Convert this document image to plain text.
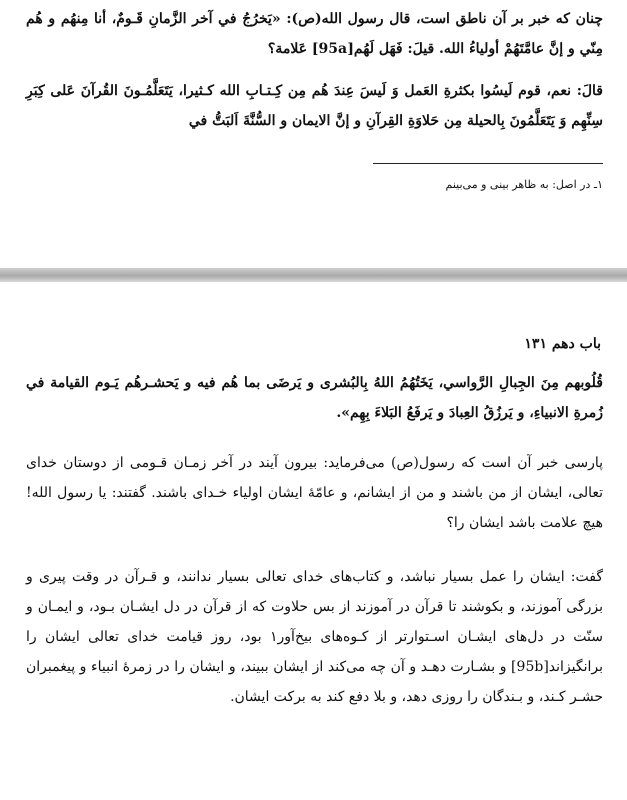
چنان که خبر بر آن ناطق است، قال رسول الله(ص): «يَخرُجُ في آخر الزَّمانِ قَـومٌ، أنا مِنهُم و هُم مِنّي و إنَّ عامَّتَهُمْ أولياءُ الله. قيلَ: فَهَل لَهُم[95a] عَلامة؟

قالَ: نعم، قوم لَيسُوا بكثرةِ العَمل وَ لَيسَ عِندَ هُم مِن كِـتـابِ الله كـثيرا، يَتَعَلَّمُـونَ القُرآنَ عَلى كِبَرِ سِنِّهِم وَ يَتَعَلَّمُونَ بِالحيلة مِن حَلاوَةِ القِرآنِ و إنَّ الايمان و السُّنَّةَ اَلبَتُّ في

۱ـ در اصل: به ظاهر بینی و می‌بینم
باب دهم ۱۳۱

قُلُوبهم مِنَ الجِبالِ الرَّواسي، يَخَتُهُمُ اللهُ بِالبُشرى و يَرضَى بما هُم فيه و يَحشـرهُم يَـوم القيامة في زُمرةِ الانبياءِ، و يَرزُقُ العِبادَ و يَرفَعُ البَلاءَ بِهِم».

پارسی خبر آن است که رسول(ص) می‌فرماید: بیرون آیند در آخر زمـان قـومی از دوستان خدای تعالی، ایشان از من باشند و من از ایشانم، و عامّهٔ ایشان اولیاء خـدای باشند. گفتند: یا رسول الله! هیچ علامت باشد ایشان را؟

گفت: ایشان را عمل بسیار نباشد، و کتاب‌های خدای تعالی بسیار ندانند، و قـرآن در وقت پیری و بزرگی آموزند، و بکوشند تا قرآن در آموزند از بس حلاوت که از قرآن در دل ایشـان بـود، و ایمـان و سنّت در دل‌های ایشـان اسـتوارتر از کـوه‌های بیخ‌آور۱ بود، روز قیامت خدای تعالی ایشان را برانگیزاند[95b] و بشـارت دهـد و آن چه می‌کند از ایشان ببیند، و ایشان را در زمرهٔ انبیاء و پیغمبران حشـر کـند، و بـندگان را روزی دهد، و بلا دفع کند به برکت ایشان.
